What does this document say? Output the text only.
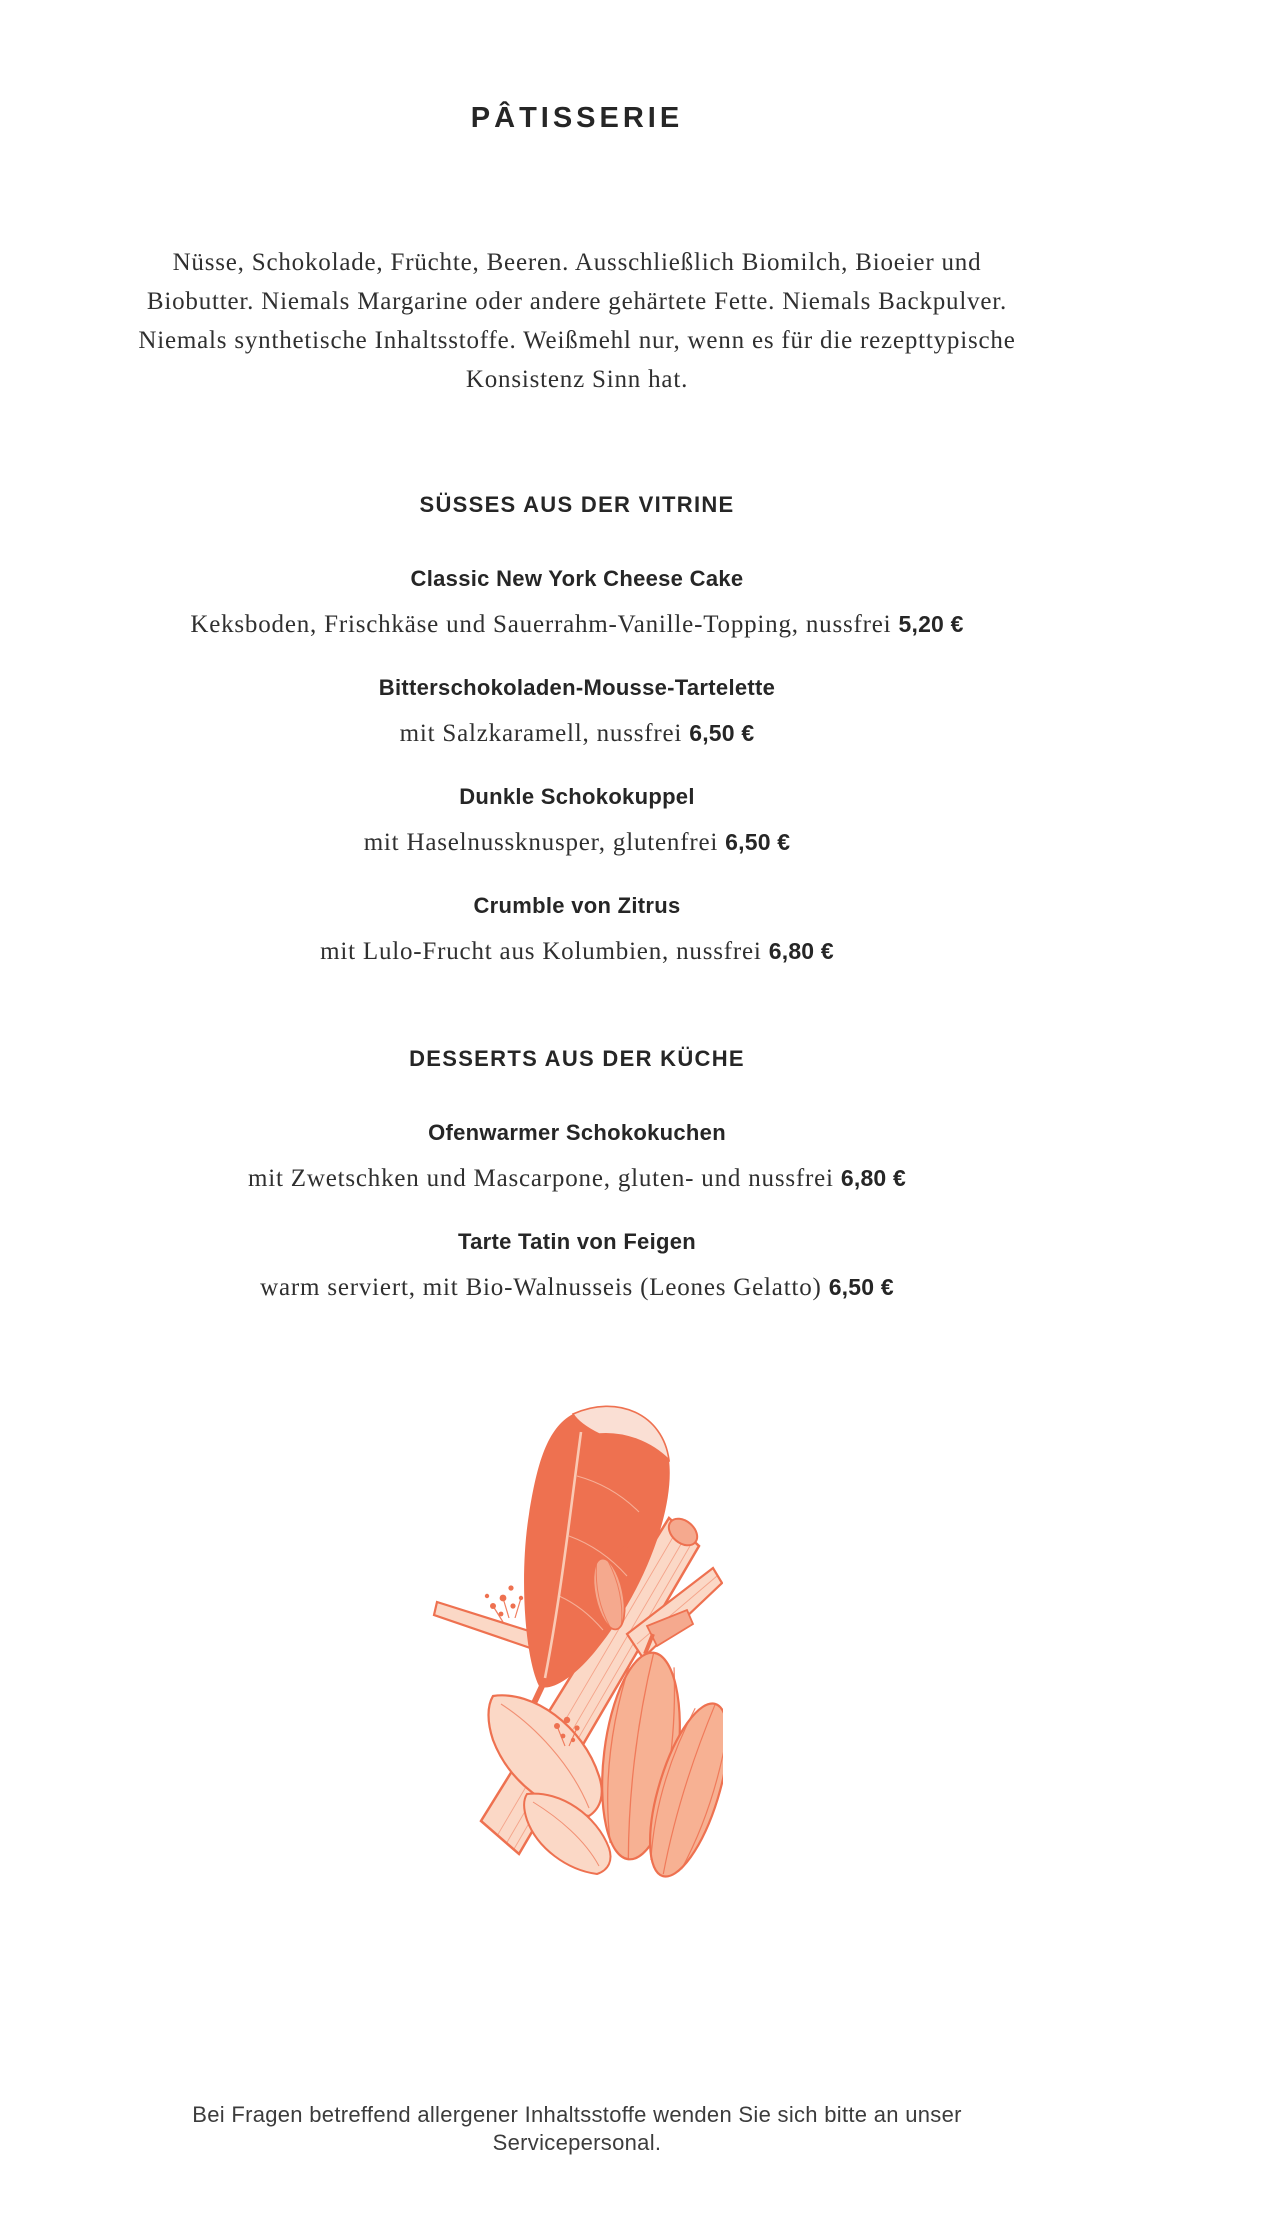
PÂTISSERIE
Nüsse, Schokolade, Früchte, Beeren. Ausschließlich Biomilch, Bioeier und
Biobutter. Niemals Margarine oder andere gehärtete Fette. Niemals Backpulver.
Niemals synthetische Inhaltsstoffe. Weißmehl nur, wenn es für die rezepttypische
Konsistenz Sinn hat.
SÜSSES AUS DER VITRINE
Classic New York Cheese Cake
Keksboden, Frischkäse und Sauerrahm-Vanille-Topping, nussfrei 5,20 €
Bitterschokoladen-Mousse-Tartelette
mit Salzkaramell, nussfrei 6,50 €
Dunkle Schokokuppel
mit Haselnussknusper, glutenfrei 6,50 €
Crumble von Zitrus
mit Lulo-Frucht aus Kolumbien, nussfrei 6,80 €
DESSERTS AUS DER KÜCHE
Ofenwarmer Schokokuchen
mit Zwetschken und Mascarpone, gluten- und nussfrei 6,80 €
Tarte Tatin von Feigen
warm serviert, mit Bio-Walnusseis (Leones Gelatto) 6,50 €
Bei Fragen betreffend allergener Inhaltsstoffe wenden Sie sich bitte an unser Servicepersonal.
